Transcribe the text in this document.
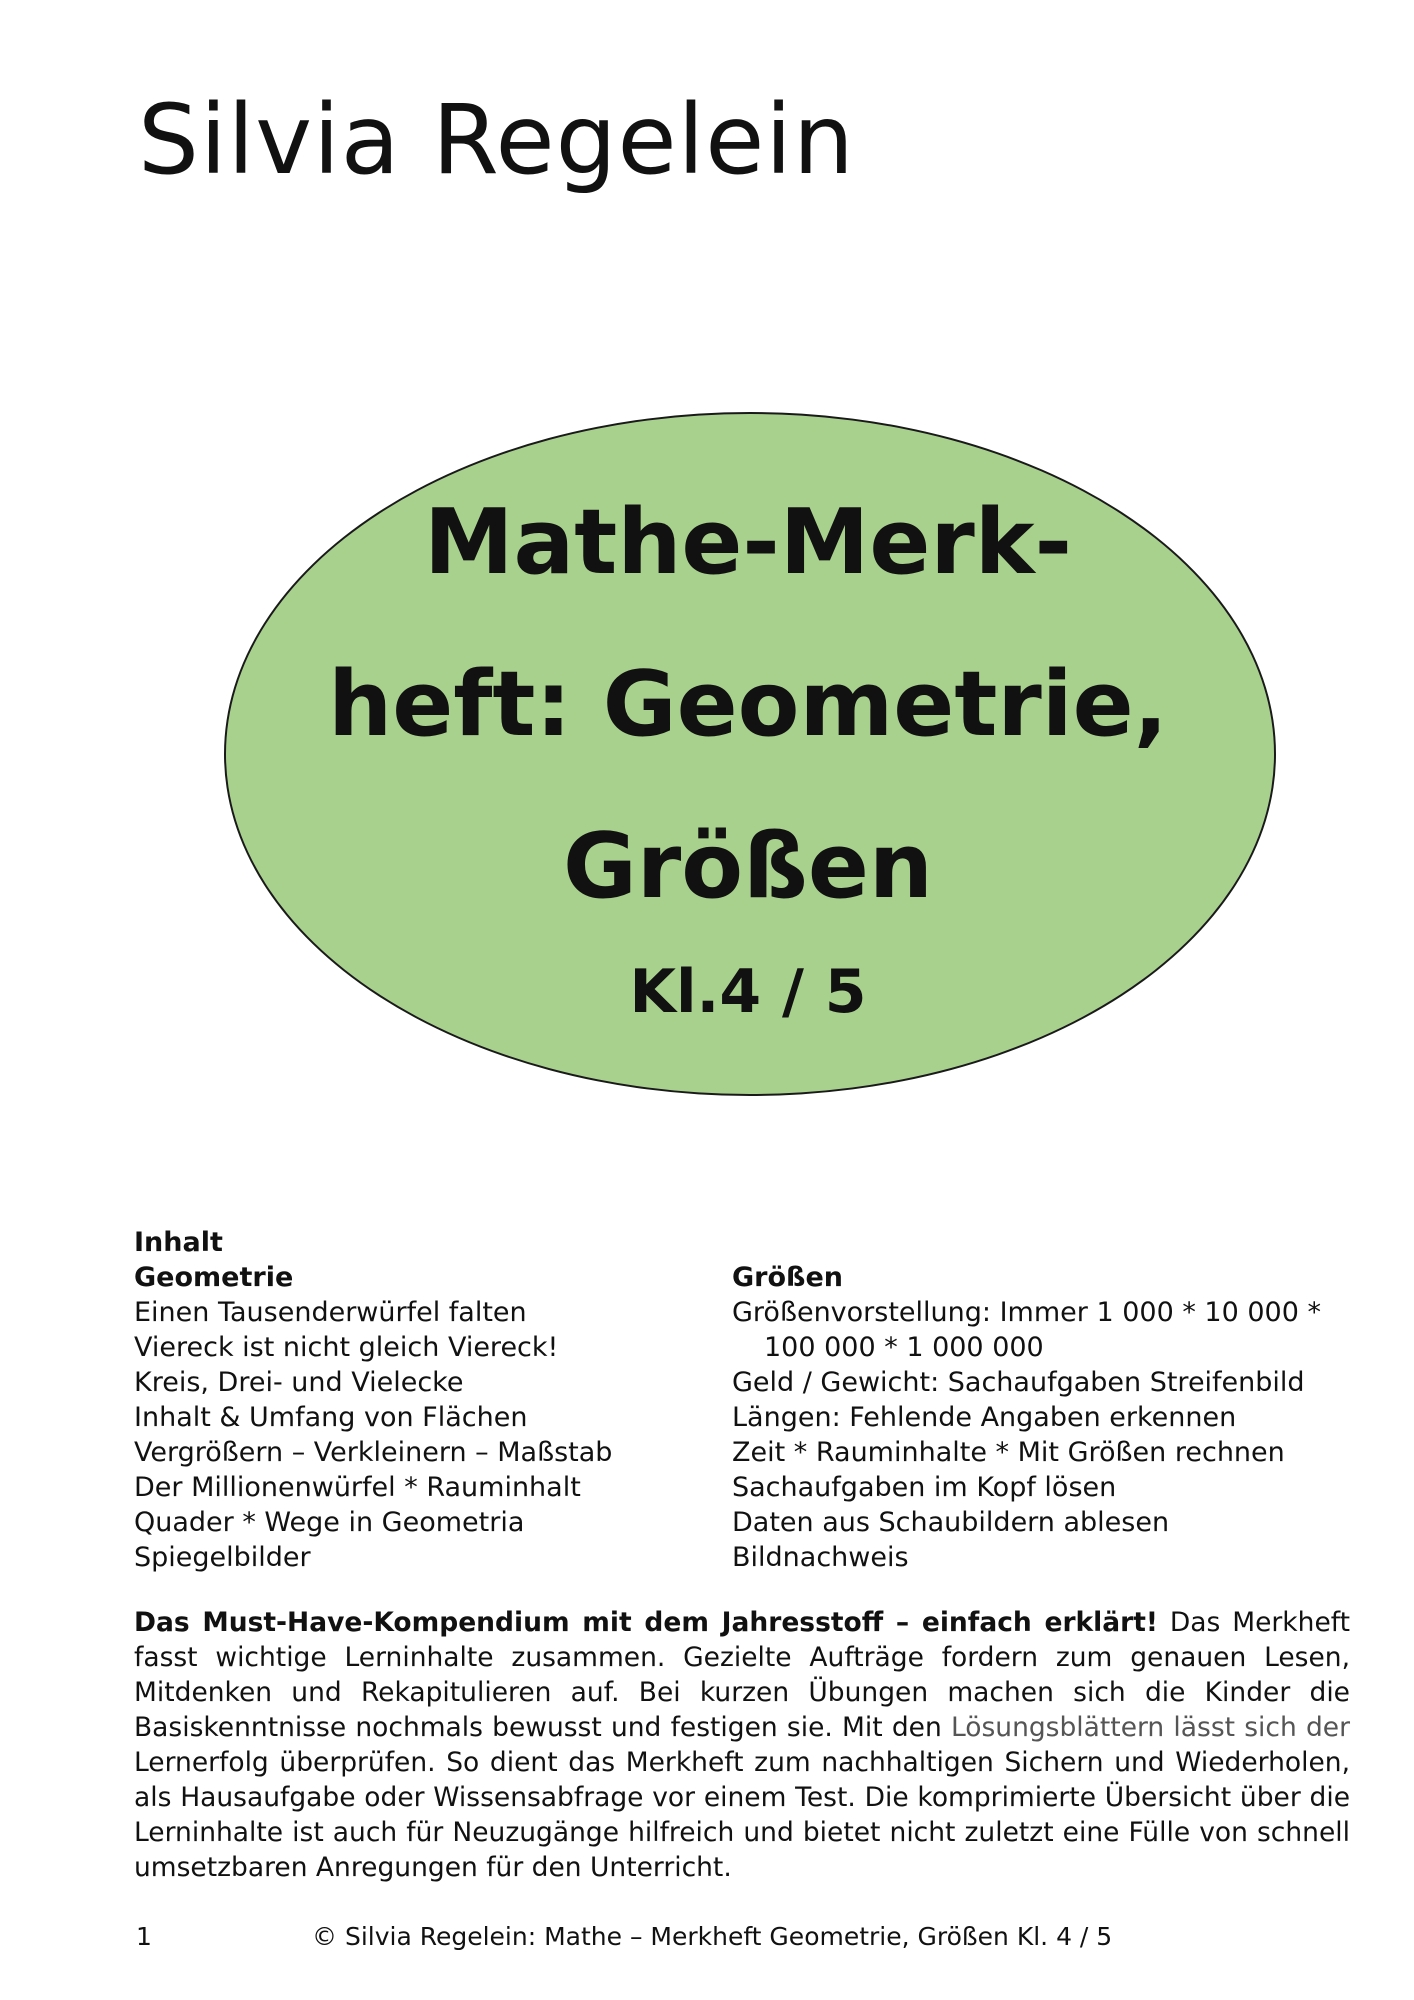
Silvia Regelein
Mathe-Merk-
heft: Geometrie,
Größen
Kl.4 / 5
Inhalt
Geometrie
Einen Tausenderwürfel falten
Viereck ist nicht gleich Viereck!
Kreis, Drei- und Vielecke
Inhalt & Umfang von Flächen
Vergrößern – Verkleinern – Maßstab
Der Millionenwürfel * Rauminhalt
Quader * Wege in Geometria
Spiegelbilder
Größen
Größenvorstellung: Immer 1 000 * 10 000 *
100 000 * 1 000 000
Geld / Gewicht: Sachaufgaben Streifenbild
Längen: Fehlende Angaben erkennen
Zeit * Rauminhalte * Mit Größen rechnen
Sachaufgaben im Kopf lösen
Daten aus Schaubildern ablesen
Bildnachweis

Das Must-Have-Kompendium mit dem Jahresstoff – einfach erklärt! Das Merkheft fasst wichtige Lerninhalte zusammen. Gezielte Aufträge fordern zum genauen Lesen, Mitdenken und Rekapitulieren auf. Bei kurzen Übungen machen sich die Kinder die Basiskenntnisse nochmals bewusst und festigen sie. Mit den Lösungsblättern lässt sich der Lernerfolg überprüfen. So dient das Merkheft zum nachhaltigen Sichern und Wiederholen, als Hausaufgabe oder Wissensabfrage vor einem Test. Die komprimierte Übersicht über die Lerninhalte ist auch für Neuzugänge hilfreich und bietet nicht zuletzt eine Fülle von schnell umsetzbaren Anregungen für den Unterricht.

1	© Silvia Regelein: Mathe – Merkheft Geometrie, Größen Kl. 4 / 5
